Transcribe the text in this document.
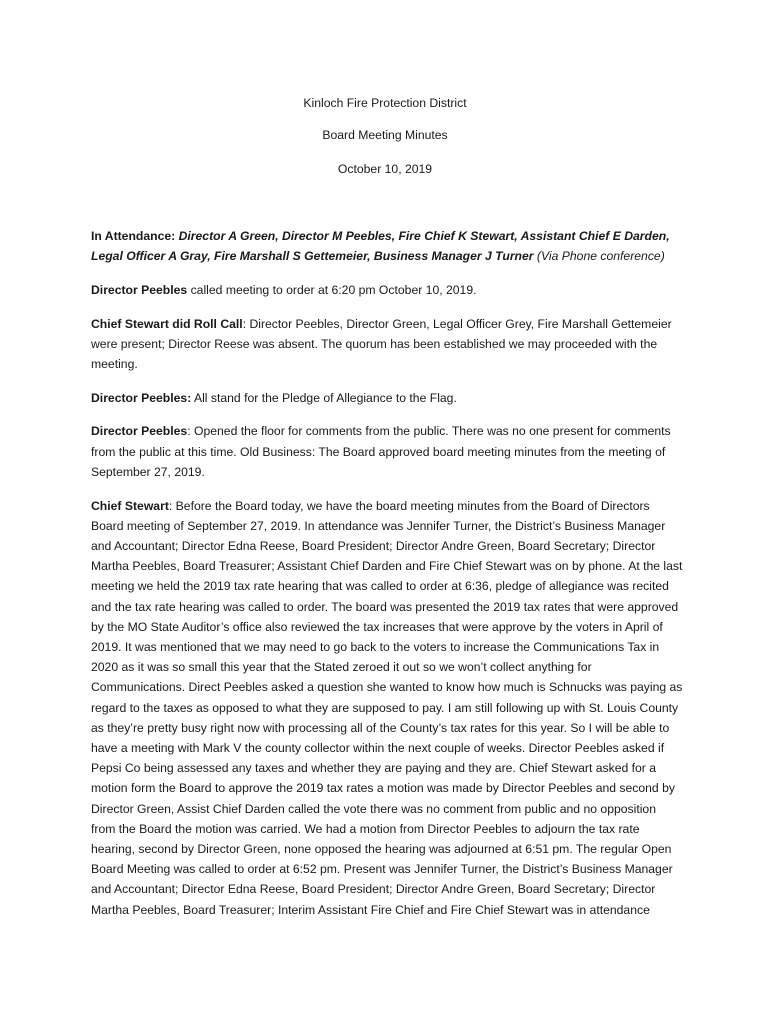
Kinloch Fire Protection District

Board Meeting Minutes

October 10, 2019

In Attendance: Director A Green, Director M Peebles, Fire Chief K Stewart, Assistant Chief E Darden, Legal Officer A Gray, Fire Marshall S Gettemeier, Business Manager J Turner (Via Phone conference)

Director Peebles called meeting to order at 6:20 pm October 10, 2019.

Chief Stewart did Roll Call: Director Peebles, Director Green, Legal Officer Grey, Fire Marshall Gettemeier were present; Director Reese was absent. The quorum has been established we may proceeded with the meeting.

Director Peebles: All stand for the Pledge of Allegiance to the Flag.

Director Peebles: Opened the floor for comments from the public. There was no one present for comments from the public at this time. Old Business: The Board approved board meeting minutes from the meeting of September 27, 2019.

Chief Stewart: Before the Board today, we have the board meeting minutes from the Board of Directors Board meeting of September 27, 2019. In attendance was Jennifer Turner, the District’s Business Manager and Accountant; Director Edna Reese, Board President; Director Andre Green, Board Secretary; Director Martha Peebles, Board Treasurer; Assistant Chief Darden and Fire Chief Stewart was on by phone. At the last meeting we held the 2019 tax rate hearing that was called to order at 6:36, pledge of allegiance was recited and the tax rate hearing was called to order. The board was presented the 2019 tax rates that were approved by the MO State Auditor’s office also reviewed the tax increases that were approve by the voters in April of 2019. It was mentioned that we may need to go back to the voters to increase the Communications Tax in 2020 as it was so small this year that the Stated zeroed it out so we won’t collect anything for Communications. Direct Peebles asked a question she wanted to know how much is Schnucks was paying as regard to the taxes as opposed to what they are supposed to pay. I am still following up with St. Louis County as they’re pretty busy right now with processing all of the County’s tax rates for this year. So I will be able to have a meeting with Mark V the county collector within the next couple of weeks. Director Peebles asked if Pepsi Co being assessed any taxes and whether they are paying and they are. Chief Stewart asked for a motion form the Board to approve the 2019 tax rates a motion was made by Director Peebles and second by Director Green, Assist Chief Darden called the vote there was no comment from public and no opposition from the Board the motion was carried. We had a motion from Director Peebles to adjourn the tax rate hearing, second by Director Green, none opposed the hearing was adjourned at 6:51 pm. The regular Open Board Meeting was called to order at 6:52 pm. Present was Jennifer Turner, the District’s Business Manager and Accountant; Director Edna Reese, Board President; Director Andre Green, Board Secretary; Director Martha Peebles, Board Treasurer; Interim Assistant Fire Chief and Fire Chief Stewart was in attendance
